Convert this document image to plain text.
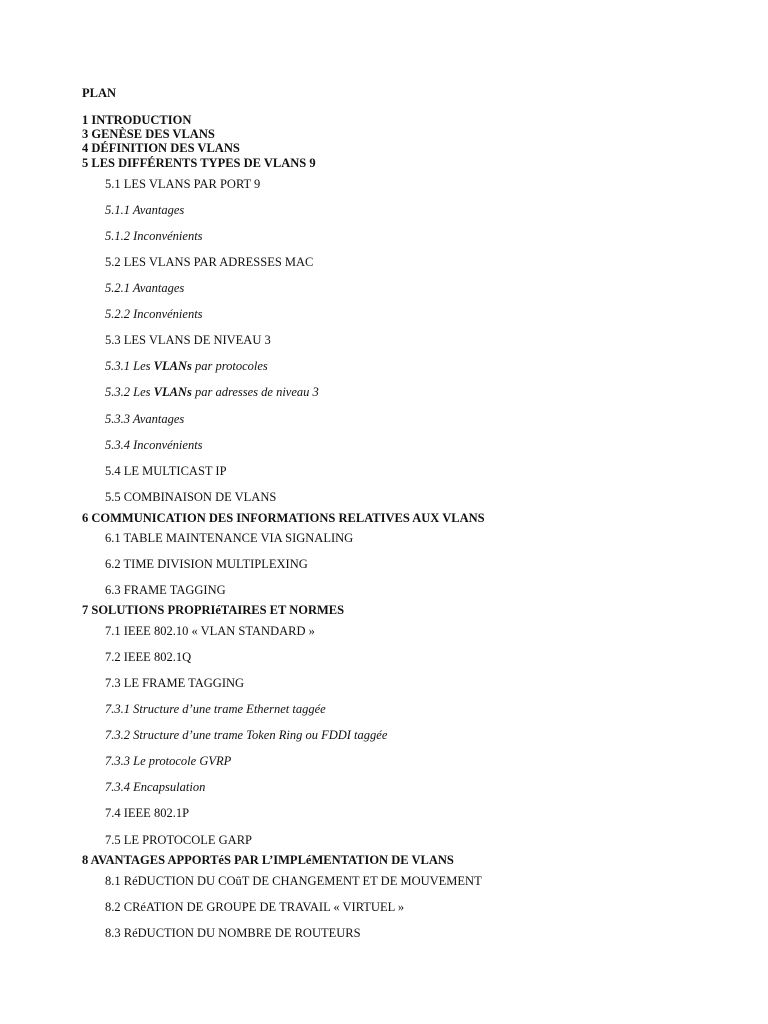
PLAN
1 INTRODUCTION
3 GENÈSE DES VLANS
4 DÉFINITION DES VLANS
5 LES DIFFÉRENTS TYPES DE VLANS 9
5.1 LES VLANS PAR PORT 9
5.1.1 Avantages
5.1.2 Inconvénients
5.2 LES VLANS PAR ADRESSES MAC
5.2.1 Avantages
5.2.2 Inconvénients
5.3 LES VLANS DE NIVEAU 3
5.3.1 Les VLANs par protocoles
5.3.2 Les VLANs par adresses de niveau 3
5.3.3 Avantages
5.3.4 Inconvénients
5.4 LE MULTICAST IP
5.5 COMBINAISON DE VLANS
6 COMMUNICATION DES INFORMATIONS RELATIVES AUX VLANS
6.1 TABLE MAINTENANCE VIA SIGNALING
6.2 TIME DIVISION MULTIPLEXING
6.3 FRAME TAGGING
7 SOLUTIONS PROPRIéTAIRES ET NORMES
7.1 IEEE 802.10 « VLAN STANDARD »
7.2 IEEE 802.1Q
7.3 LE FRAME TAGGING
7.3.1 Structure d’une trame Ethernet taggée
7.3.2 Structure d’une trame Token Ring ou FDDI taggée
7.3.3 Le protocole GVRP
7.3.4 Encapsulation
7.4 IEEE 802.1P
7.5 LE PROTOCOLE GARP
8 AVANTAGES APPORTéS PAR L’IMPLéMENTATION DE VLANS
8.1 RéDUCTION DU COûT DE CHANGEMENT ET DE MOUVEMENT
8.2 CRéATION DE GROUPE DE TRAVAIL « VIRTUEL »
8.3 RéDUCTION DU NOMBRE DE ROUTEURS
